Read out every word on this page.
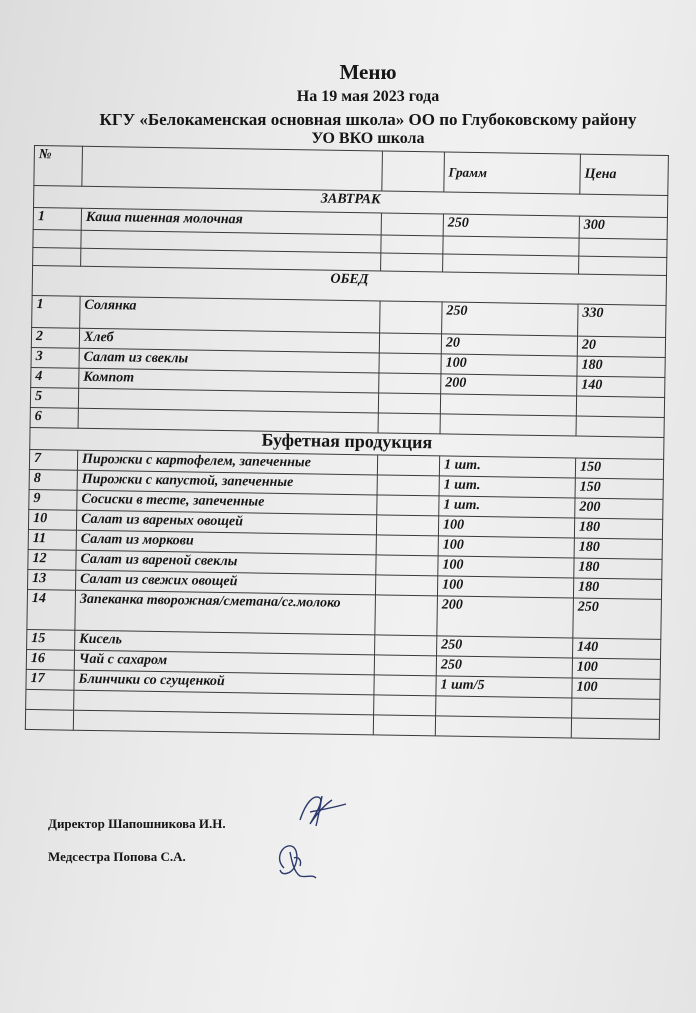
Меню
На 19 мая 2023 года
КГУ «Белокаменская основная школа» ОО по Глубоковскому району
УО ВКО школа
№			Грамм	Цена
ЗАВТРАК				
1	Каша пшенная молочная		250	300

ОБЕД				
1	Солянка		250	330
2	Хлеб		20	20
3	Салат из свеклы		100	180
4	Компот		200	140
5				
6				
Буфетная продукция				
7	Пирожки с картофелем, запеченные		1 шт.	150
8	Пирожки с капустой, запеченные		1 шт.	150
9	Сосиски в тесте, запеченные		1 шт.	200
10	Салат из вареных овощей		100	180
11	Салат из моркови		100	180
12	Салат из вареной свеклы		100	180
13	Салат из свежих овощей		100	180
14	Запеканка творожная/сметана/сг.молоко		200	250
15	Кисель		250	140
16	Чай с сахаром		250	100
17	Блинчики со сгущенкой		1 шт/5	100

Директор Шапошникова И.Н.
Медсестра Попова С.А.
